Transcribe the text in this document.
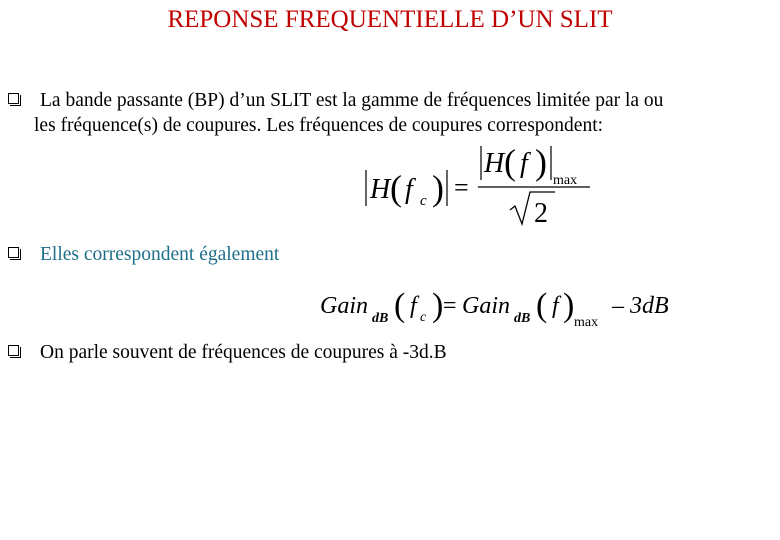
REPONSE FREQUENTIELLE D’UN SLIT
La bande passante (BP) d’un SLIT est la gamme de fréquences limitée par la ou
les fréquence(s) de coupures. Les fréquences de coupures correspondent:
H ( f c ) =
H ( f ) max
2
Elles correspondent également
Gain dB ( f c ) = Gain dB ( f ) max
– 3dB
On parle souvent de fréquences de coupures à -3d.B
